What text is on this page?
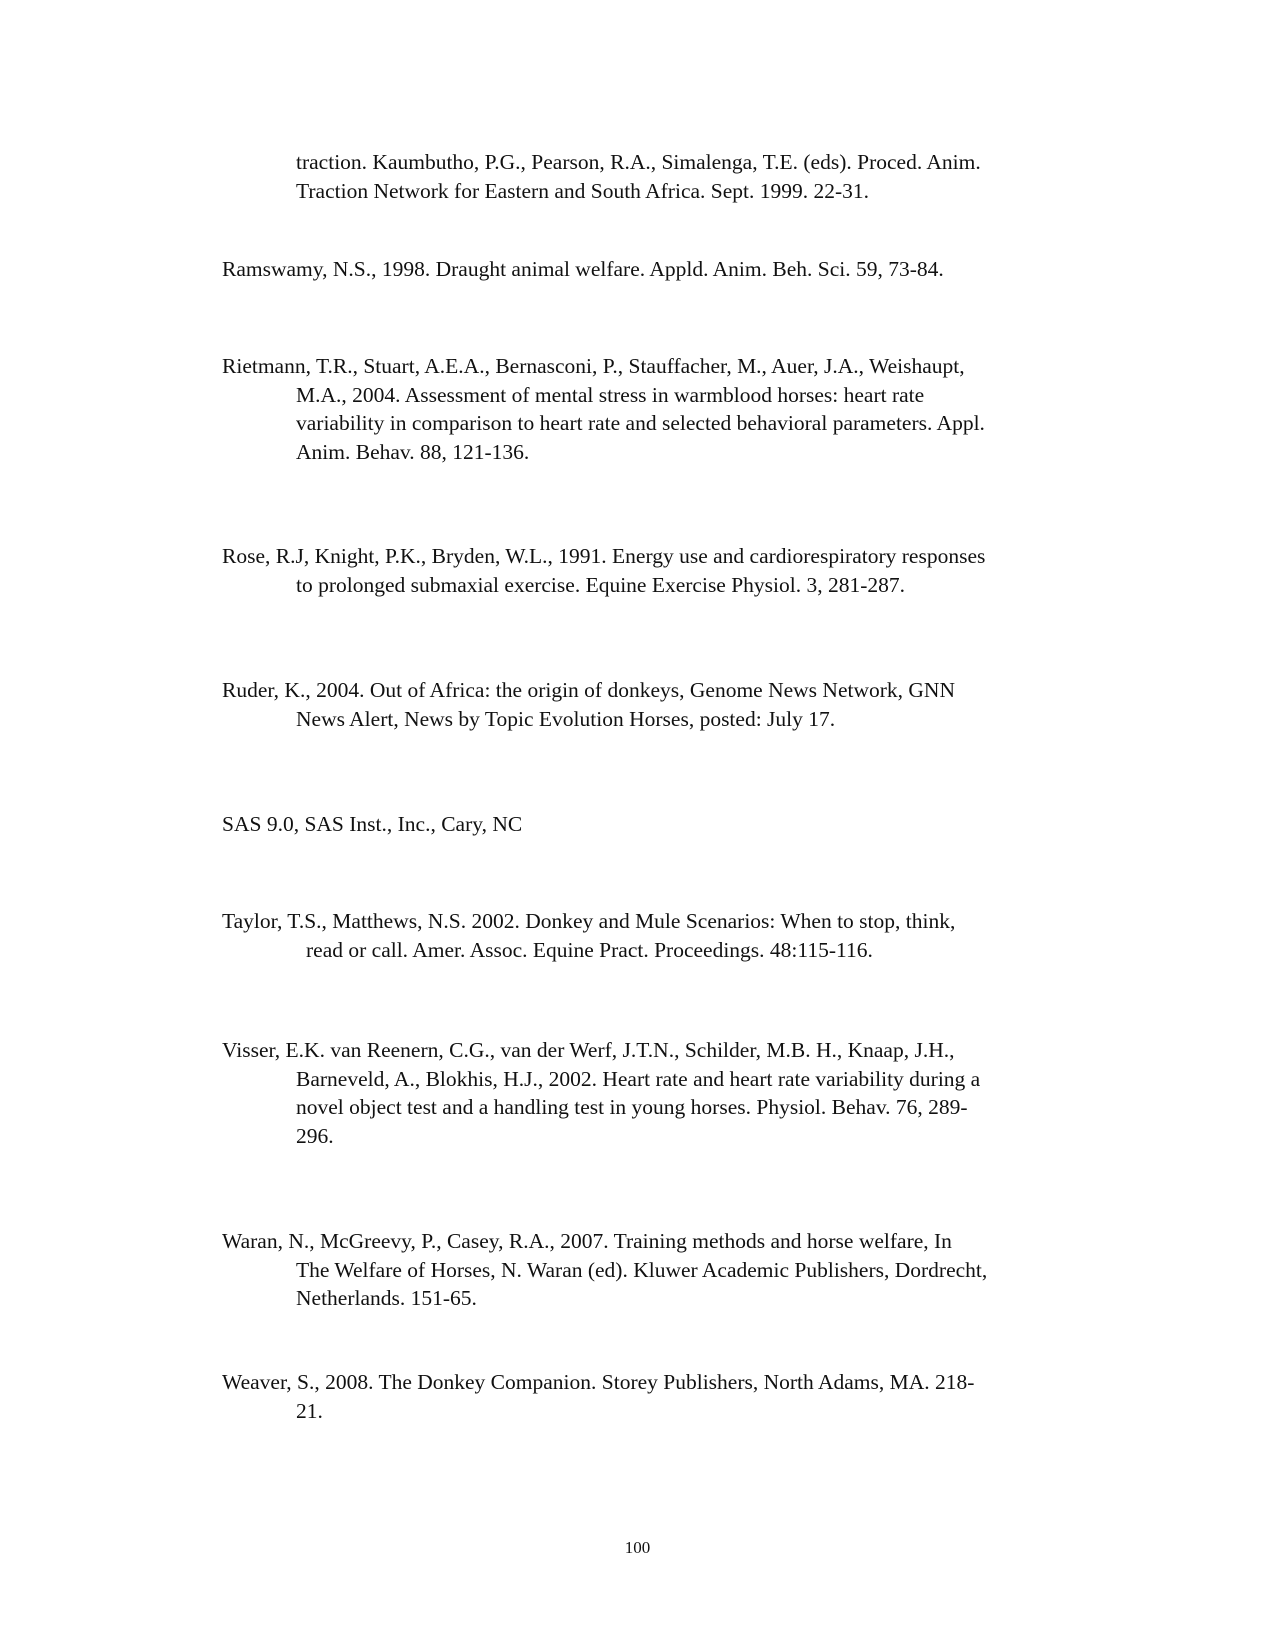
traction. Kaumbutho, P.G., Pearson, R.A., Simalenga, T.E. (eds). Proced. Anim.
Traction Network for Eastern and South Africa. Sept. 1999. 22-31.
Ramswamy, N.S., 1998. Draught animal welfare. Appld. Anim. Beh. Sci. 59, 73-84.
Rietmann, T.R., Stuart, A.E.A., Bernasconi, P., Stauffacher, M., Auer, J.A., Weishaupt,
M.A., 2004. Assessment of mental stress in warmblood horses: heart rate
variability in comparison to heart rate and selected behavioral parameters. Appl.
Anim. Behav. 88, 121-136.
Rose, R.J, Knight, P.K., Bryden, W.L., 1991. Energy use and cardiorespiratory responses
to prolonged submaxial exercise. Equine Exercise Physiol. 3, 281-287.
Ruder, K., 2004. Out of Africa: the origin of donkeys, Genome News Network, GNN
News Alert, News by Topic Evolution Horses, posted: July 17.
SAS 9.0, SAS Inst., Inc., Cary, NC
Taylor, T.S., Matthews, N.S. 2002. Donkey and Mule Scenarios: When to stop, think,
read or call. Amer. Assoc. Equine Pract. Proceedings. 48:115-116.
Visser, E.K. van Reenern, C.G., van der Werf, J.T.N., Schilder, M.B. H., Knaap, J.H.,
Barneveld, A., Blokhis, H.J., 2002. Heart rate and heart rate variability during a
novel object test and a handling test in young horses. Physiol. Behav. 76, 289-
296.
Waran, N., McGreevy, P., Casey, R.A., 2007. Training methods and horse welfare, In
The Welfare of Horses, N. Waran (ed). Kluwer Academic Publishers, Dordrecht,
Netherlands. 151-65.
Weaver, S., 2008. The Donkey Companion. Storey Publishers, North Adams, MA. 218-
21.
100
